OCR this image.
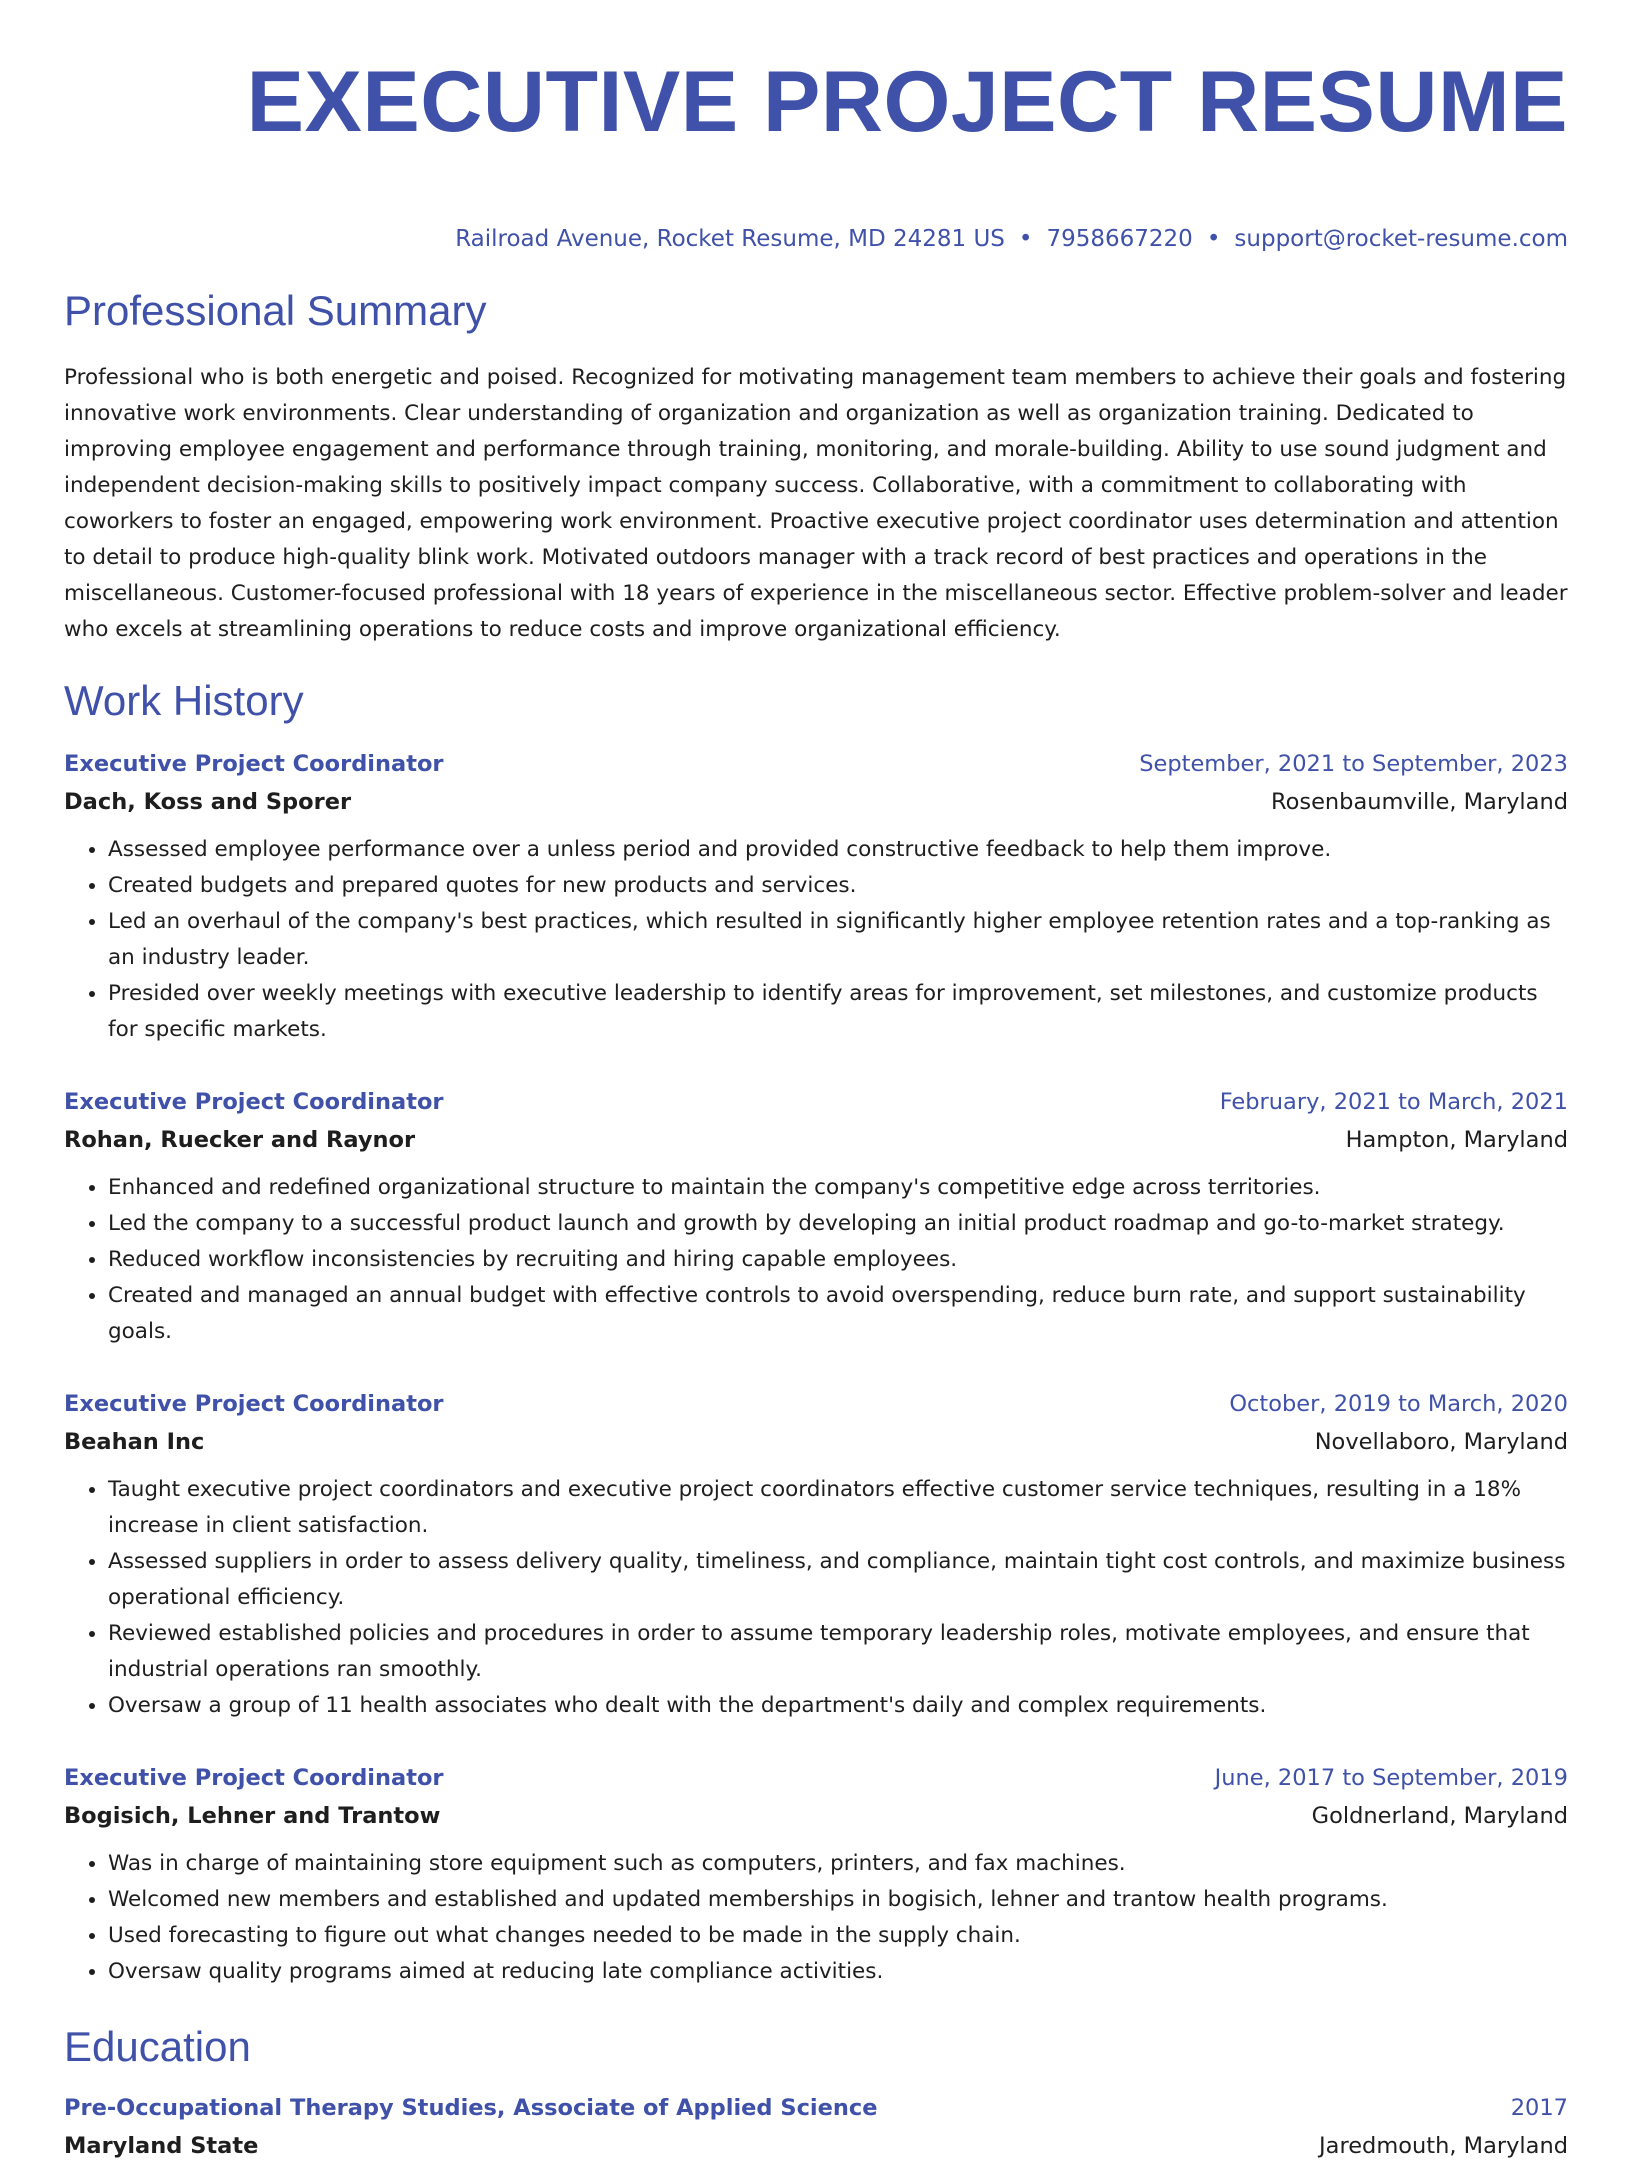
EXECUTIVE PROJECT RESUME
Railroad Avenue, Rocket Resume, MD 24281 US • 7958667220 • support@rocket-resume.com
Professional Summary

Professional who is both energetic and poised. Recognized for motivating management team members to achieve their goals and fostering innovative work environments. Clear understanding of organization and organization as well as organization training. Dedicated to improving employee engagement and performance through training, monitoring, and morale-building. Ability to use sound judgment and independent decision-making skills to positively impact company success. Collaborative, with a commitment to collaborating with coworkers to foster an engaged, empowering work environment. Proactive executive project coordinator uses determination and attention to detail to produce high-quality blink work. Motivated outdoors manager with a track record of best practices and operations in the miscellaneous. Customer-focused professional with 18 years of experience in the miscellaneous sector. Effective problem-solver and leader who excels at streamlining operations to reduce costs and improve organizational efficiency.

Work History
Executive Project Coordinator	September, 2021 to September, 2023
Dach, Koss and Sporer	Rosenbaumville, Maryland
• Assessed employee performance over a unless period and provided constructive feedback to help them improve.
• Created budgets and prepared quotes for new products and services.
• Led an overhaul of the company's best practices, which resulted in significantly higher employee retention rates and a top-ranking as an industry leader.
• Presided over weekly meetings with executive leadership to identify areas for improvement, set milestones, and customize products for specific markets.
Executive Project Coordinator	February, 2021 to March, 2021
Rohan, Ruecker and Raynor	Hampton, Maryland
• Enhanced and redefined organizational structure to maintain the company's competitive edge across territories.
• Led the company to a successful product launch and growth by developing an initial product roadmap and go-to-market strategy.
• Reduced workflow inconsistencies by recruiting and hiring capable employees.
• Created and managed an annual budget with effective controls to avoid overspending, reduce burn rate, and support sustainability goals.
Executive Project Coordinator	October, 2019 to March, 2020
Beahan Inc	Novellaboro, Maryland
• Taught executive project coordinators and executive project coordinators effective customer service techniques, resulting in a 18% increase in client satisfaction.
• Assessed suppliers in order to assess delivery quality, timeliness, and compliance, maintain tight cost controls, and maximize business operational efficiency.
• Reviewed established policies and procedures in order to assume temporary leadership roles, motivate employees, and ensure that industrial operations ran smoothly.
• Oversaw a group of 11 health associates who dealt with the department's daily and complex requirements.
Executive Project Coordinator	June, 2017 to September, 2019
Bogisich, Lehner and Trantow	Goldnerland, Maryland
• Was in charge of maintaining store equipment such as computers, printers, and fax machines.
• Welcomed new members and established and updated memberships in bogisich, lehner and trantow health programs.
• Used forecasting to figure out what changes needed to be made in the supply chain.
• Oversaw quality programs aimed at reducing late compliance activities.
Education
Pre-Occupational Therapy Studies, Associate of Applied Science	2017
Maryland State	Jaredmouth, Maryland
